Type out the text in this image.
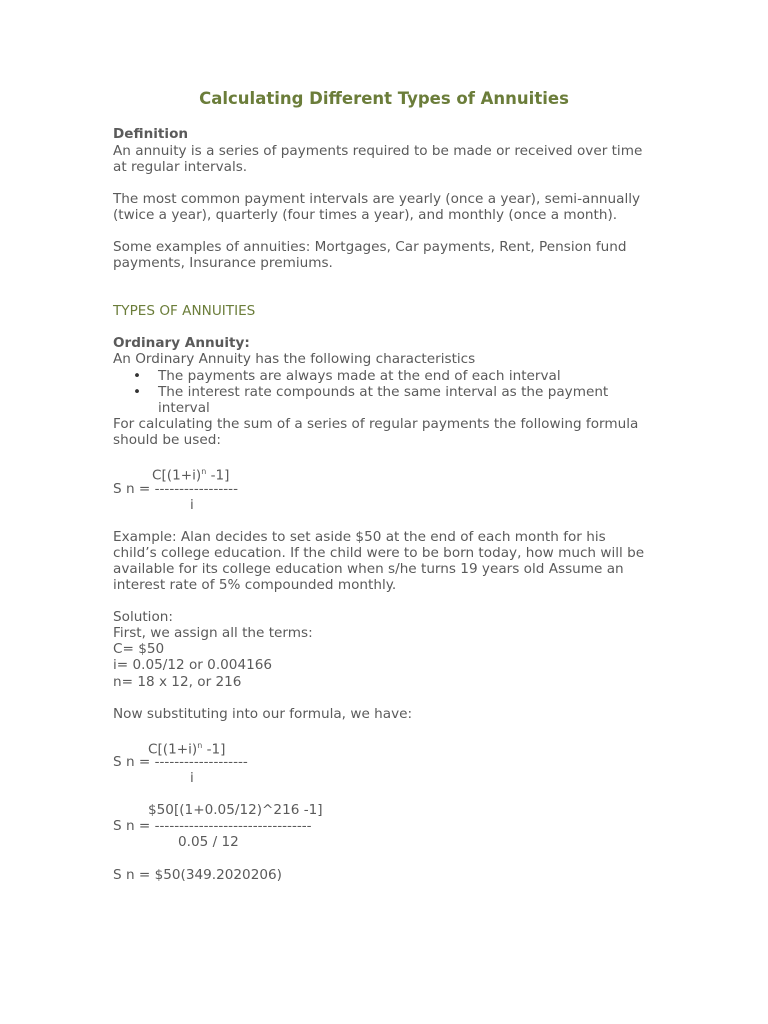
Calculating Different Types of Annuities
Definition
An annuity is a series of payments required to be made or received over time
at regular intervals.
The most common payment intervals are yearly (once a year), semi-annually
(twice a year), quarterly (four times a year), and monthly (once a month).
Some examples of annuities: Mortgages, Car payments, Rent, Pension fund
payments, Insurance premiums.
TYPES OF ANNUITIES
Ordinary Annuity:
An Ordinary Annuity has the following characteristics
• The payments are always made at the end of each interval
• The interest rate compounds at the same interval as the payment
interval
For calculating the sum of a series of regular payments the following formula
should be used:
$C[(1+i)^n$ -1]
S n = -----------------
i
Example: Alan decides to set aside $50 at the end of each month for his
child’s college education. If the child were to be born today, how much will be
available for its college education when s/he turns 19 years old Assume an
interest rate of 5% compounded monthly.
Solution:
First, we assign all the terms:
C= $50
i= 0.05/12 or 0.004166
n= 18 x 12, or 216
Now substituting into our formula, we have:
$C[(1+i)^n$ -1]
S n = -------------------
i
$50[(1+0.05/12)^216 -1]
S n = --------------------------------
0.05 / 12
S n = $50(349.2020206)
